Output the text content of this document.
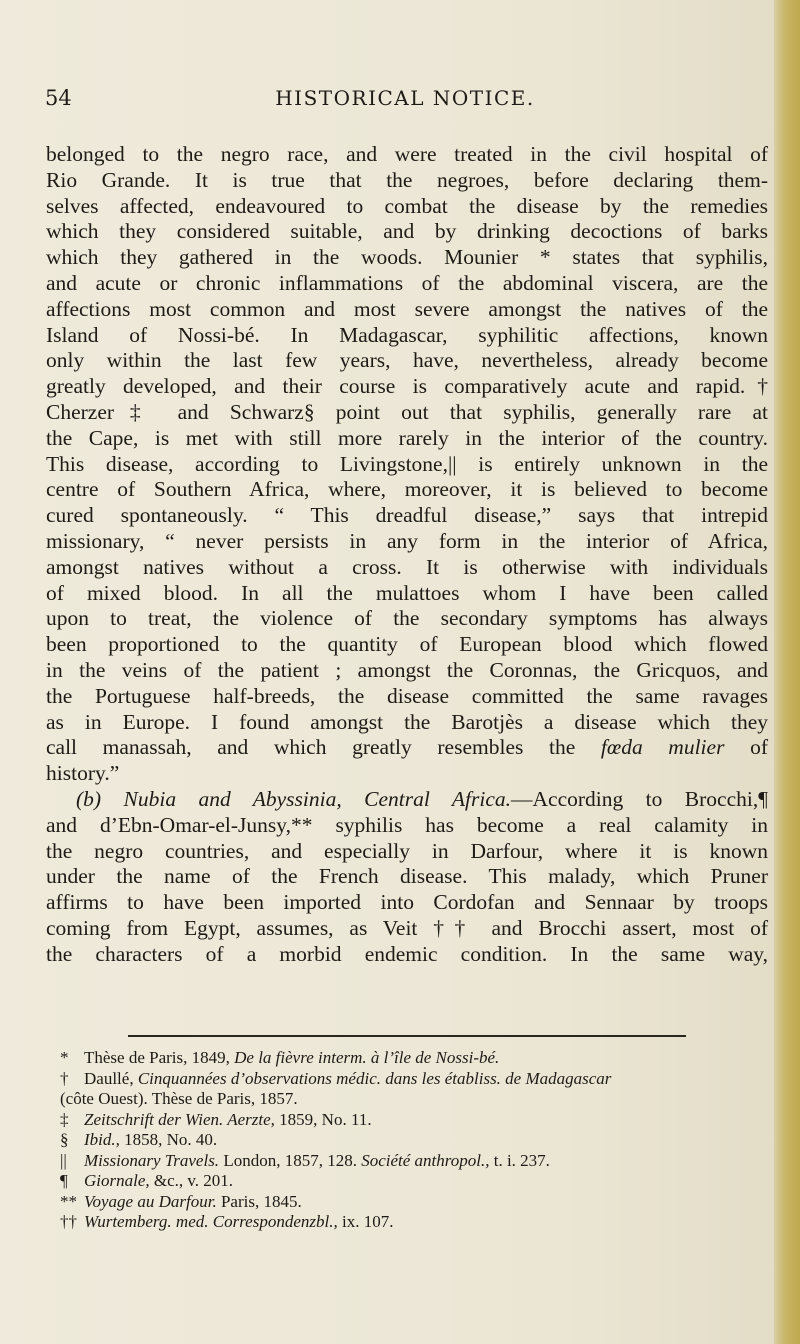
54	HISTORICAL NOTICE.
belonged to the negro race, and were treated in the civil hospital of
Rio Grande. It is true that the negroes, before declaring them-
selves affected, endeavoured to combat the disease by the remedies
which they considered suitable, and by drinking decoctions of barks
which they gathered in the woods. Mounier * states that syphilis,
and acute or chronic inflammations of the abdominal viscera, are the
affections most common and most severe amongst the natives of the
Island of Nossi-bé. In Madagascar, syphilitic affections, known
only within the last few years, have, nevertheless, already become
greatly developed, and their course is comparatively acute and rapid.†
Cherzer‡ and Schwarz§ point out that syphilis, generally rare at
the Cape, is met with still more rarely in the interior of the country.
This disease, according to Livingstone,|| is entirely unknown in the
centre of Southern Africa, where, moreover, it is believed to become
cured spontaneously. “ This dreadful disease,” says that intrepid
missionary, “ never persists in any form in the interior of Africa,
amongst natives without a cross. It is otherwise with individuals
of mixed blood. In all the mulattoes whom I have been called
upon to treat, the violence of the secondary symptoms has always
been proportioned to the quantity of European blood which flowed
in the veins of the patient ; amongst the Coronnas, the Gricquos, and
the Portuguese half-breeds, the disease committed the same ravages
as in Europe. I found amongst the Barotjès a disease which they
call manassah, and which greatly resembles the fœda mulier of
history.”
(b) Nubia and Abyssinia, Central Africa.—According to Brocchi,¶
and d’Ebn-Omar-el-Junsy,** syphilis has become a real calamity in
the negro countries, and especially in Darfour, where it is known
under the name of the French disease. This malady, which Pruner
affirms to have been imported into Cordofan and Sennaar by troops
coming from Egypt, assumes, as Veit †† and Brocchi assert, most of
the characters of a morbid endemic condition. In the same way,
* Thèse de Paris, 1849, De la fièvre interm. à l’île de Nossi-bé.
† Daullé, Cinquannées d’observations médic. dans les établiss. de Madagascar
(côte Ouest). Thèse de Paris, 1857.
‡ Zeitschrift der Wien. Aerzte, 1859, No. 11.
§ Ibid., 1858, No. 40.
|| Missionary Travels. London, 1857, 128. Société anthropol., t. i. 237.
¶ Giornale, &c., v. 201.
** Voyage au Darfour. Paris, 1845.
†† Wurtemberg. med. Correspondenzbl., ix. 107.
